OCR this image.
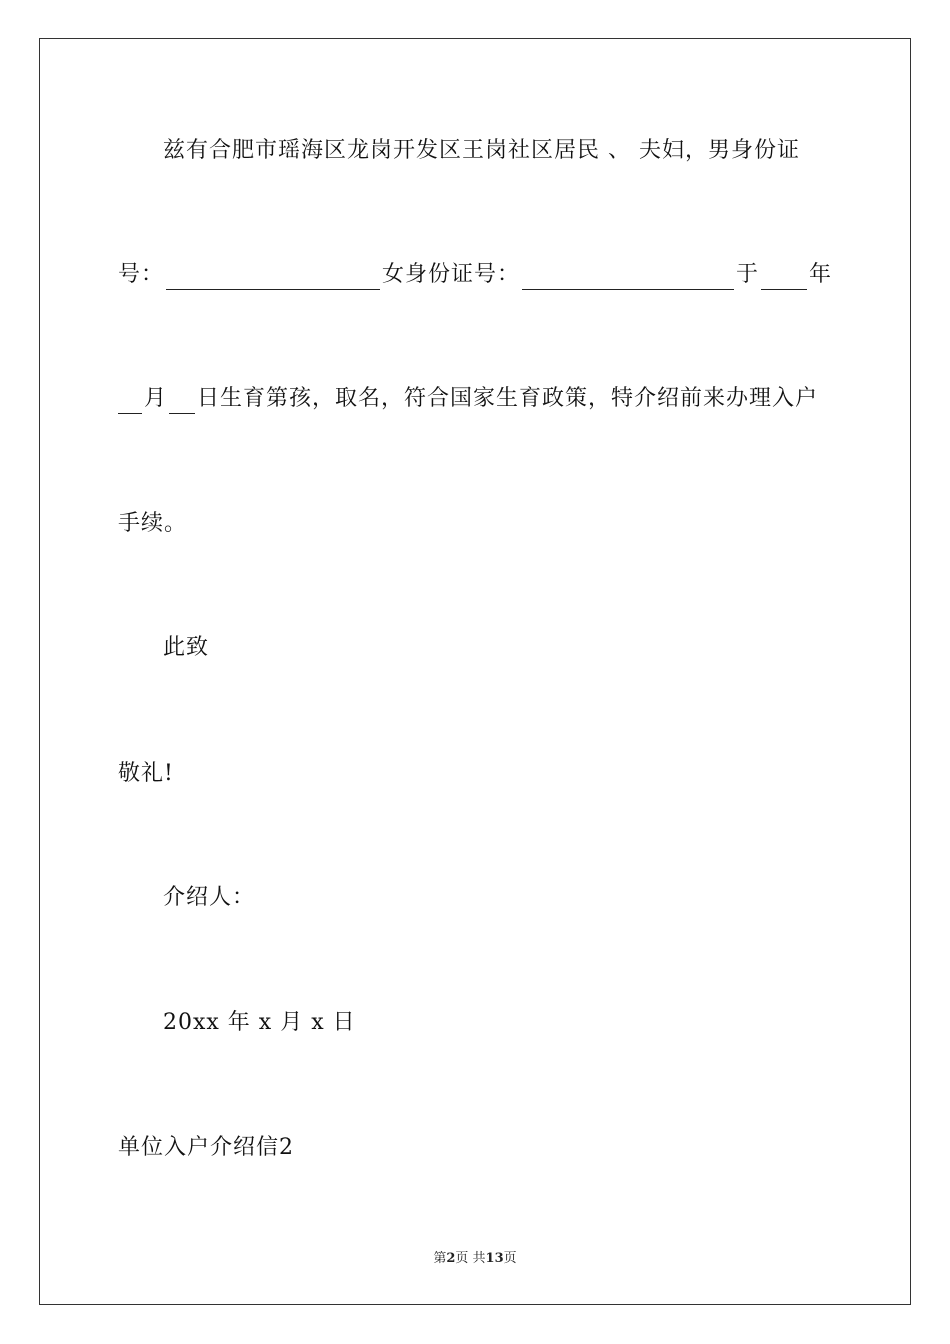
兹有合肥市瑶海区龙岗开发区王岗社区居民 、 夫妇，男身份证
号：	女身份证号：	于 年
月 日生育第孩，取名，符合国家生育政策，特介绍前来办理入户
手续。
此致
敬礼!
介绍人：
20xx 年 x 月 x 日
单位入户介绍信2
第2页 共13页
